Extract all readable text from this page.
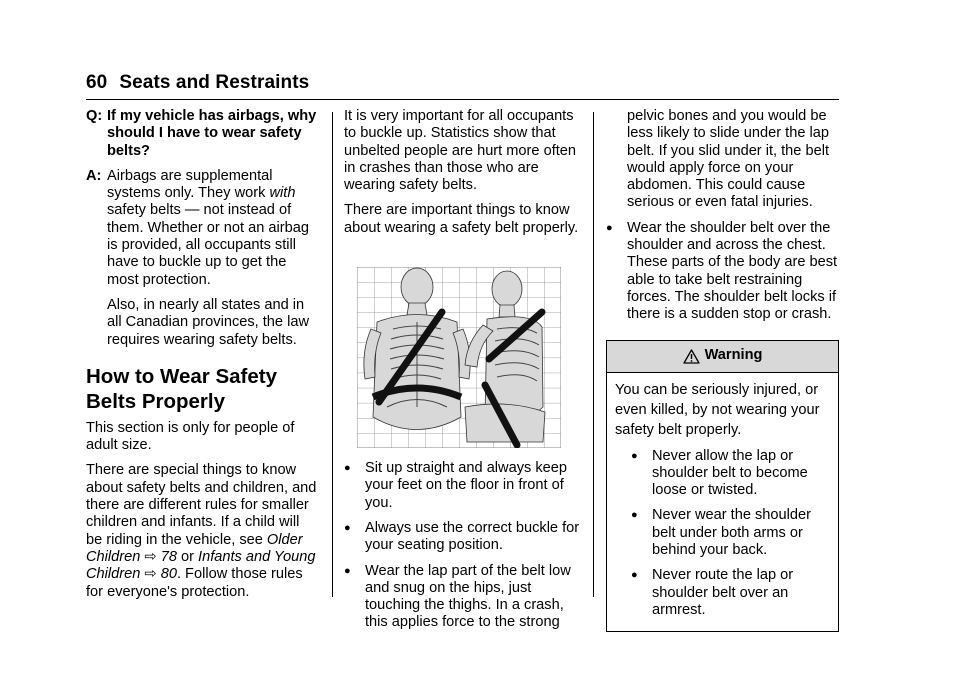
60 Seats and Restraints
Q: If my vehicle has airbags, why should I have to wear safety belts?
A: Airbags are supplemental systems only. They work with safety belts — not instead of them. Whether or not an airbag is provided, all occupants still have to buckle up to get the most protection.

Also, in nearly all states and in all Canadian provinces, the law requires wearing safety belts.

How to Wear Safety Belts Properly

This section is only for people of adult size.

There are special things to know about safety belts and children, and there are different rules for smaller children and infants. If a child will be riding in the vehicle, see Older Children ⇨ 78 or Infants and Young Children ⇨ 80. Follow those rules for everyone's protection.

It is very important for all occupants to buckle up. Statistics show that unbelted people are hurt more often in crashes than those who are wearing safety belts.

There are important things to know about wearing a safety belt properly.

● Sit up straight and always keep your feet on the floor in front of you.
● Always use the correct buckle for your seating position.
● Wear the lap part of the belt low and snug on the hips, just touching the thighs. In a crash, this applies force to the strong

pelvic bones and you would be less likely to slide under the lap belt. If you slid under it, the belt would apply force on your abdomen. This could cause serious or even fatal injuries.

● Wear the shoulder belt over the shoulder and across the chest. These parts of the body are best able to take belt restraining forces. The shoulder belt locks if there is a sudden stop or crash.
Warning

You can be seriously injured, or even killed, by not wearing your safety belt properly.

● Never allow the lap or shoulder belt to become loose or twisted.
● Never wear the shoulder belt under both arms or behind your back.
● Never route the lap or shoulder belt over an armrest.
